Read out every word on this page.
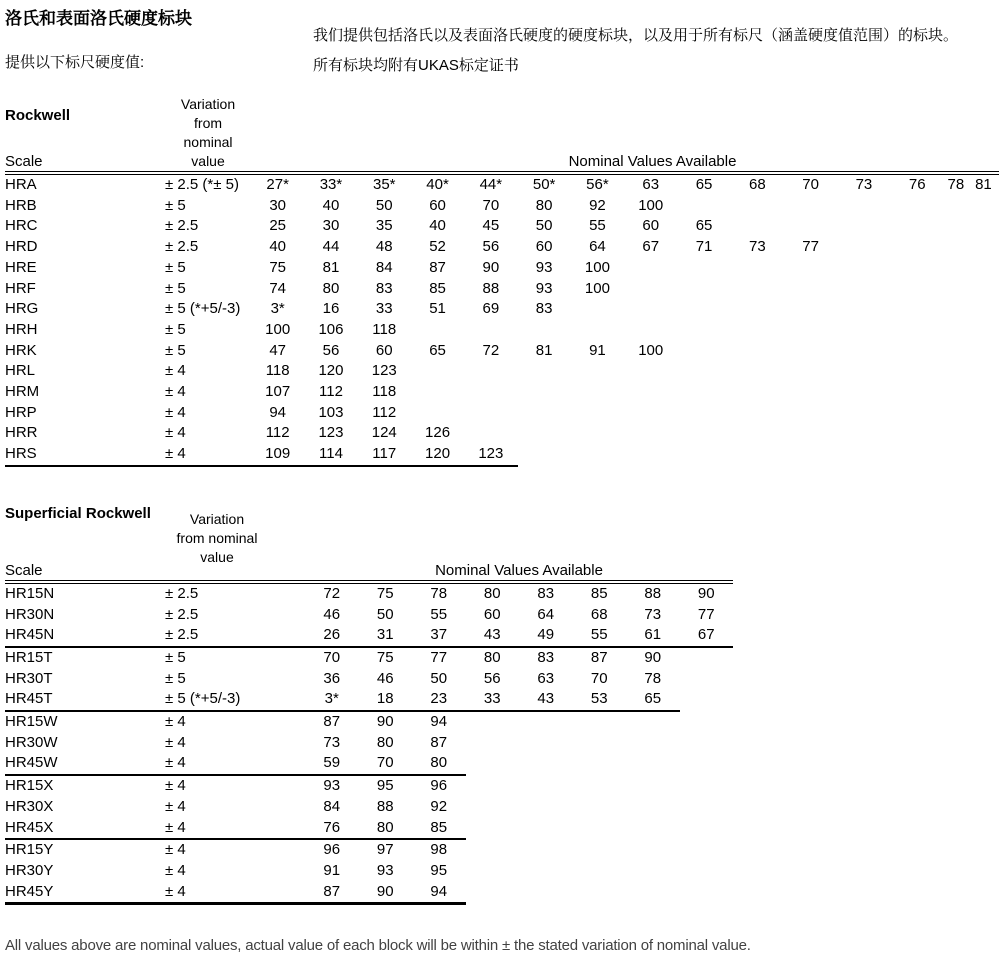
洛氏和表面洛氏硬度标块
提供以下标尺硬度值:
我们提供包括洛氏以及表面洛氏硬度的硬度标块，以及用于所有标尺（涵盖硬度值范围）的标块。
所有标块均附有UKAS标定证书
Rockwell
Scale

Variation
from
nominal
value	Nominal Values Available
HRA	± 2.5 (*± 5)	27*	33*	35*	40*	44*	50*	56*	63	65	68	70	73	76	78	81
HRB	± 5	30	40	50	60	70	80	92	100							
HRC	± 2.5	25	30	35	40	45	50	55	60	65						
HRD	± 2.5	40	44	48	52	56	60	64	67	71	73	77				
HRE	± 5	75	81	84	87	90	93	100								
HRF	± 5	74	80	83	85	88	93	100								
HRG	± 5 (*+5/-3)	3*	16	33	51	69	83									
HRH	± 5	100	106	118												
HRK	± 5	47	56	60	65	72	81	91	100							
HRL	± 4	118	120	123												
HRM	± 4	107	112	118												
HRP	± 4	94	103	112												
HRR	± 4	112	123	124	126											
HRS	± 4	109	114	117	120	123										
Superficial Rockwell
Scale

Variation
from nominal
value
	Nominal Values Available
HR15N	± 2.5	72	75	78	80	83	85	88	90
HR30N	± 2.5	46	50	55	60	64	68	73	77
HR45N	± 2.5	26	31	37	43	49	55	61	67
HR15T	± 5	70	75	77	80	83	87	90	
HR30T	± 5	36	46	50	56	63	70	78	
HR45T	± 5 (*+5/-3)	3*	18	23	33	43	53	65	
HR15W	± 4	87	90	94					
HR30W	± 4	73	80	87					
HR45W	± 4	59	70	80					
HR15X	± 4	93	95	96					
HR30X	± 4	84	88	92					
HR45X	± 4	76	80	85					
HR15Y	± 4	96	97	98					
HR30Y	± 4	91	93	95					
HR45Y	± 4	87	90	94					
All values above are nominal values, actual value of each block will be within ± the stated variation of nominal value.
